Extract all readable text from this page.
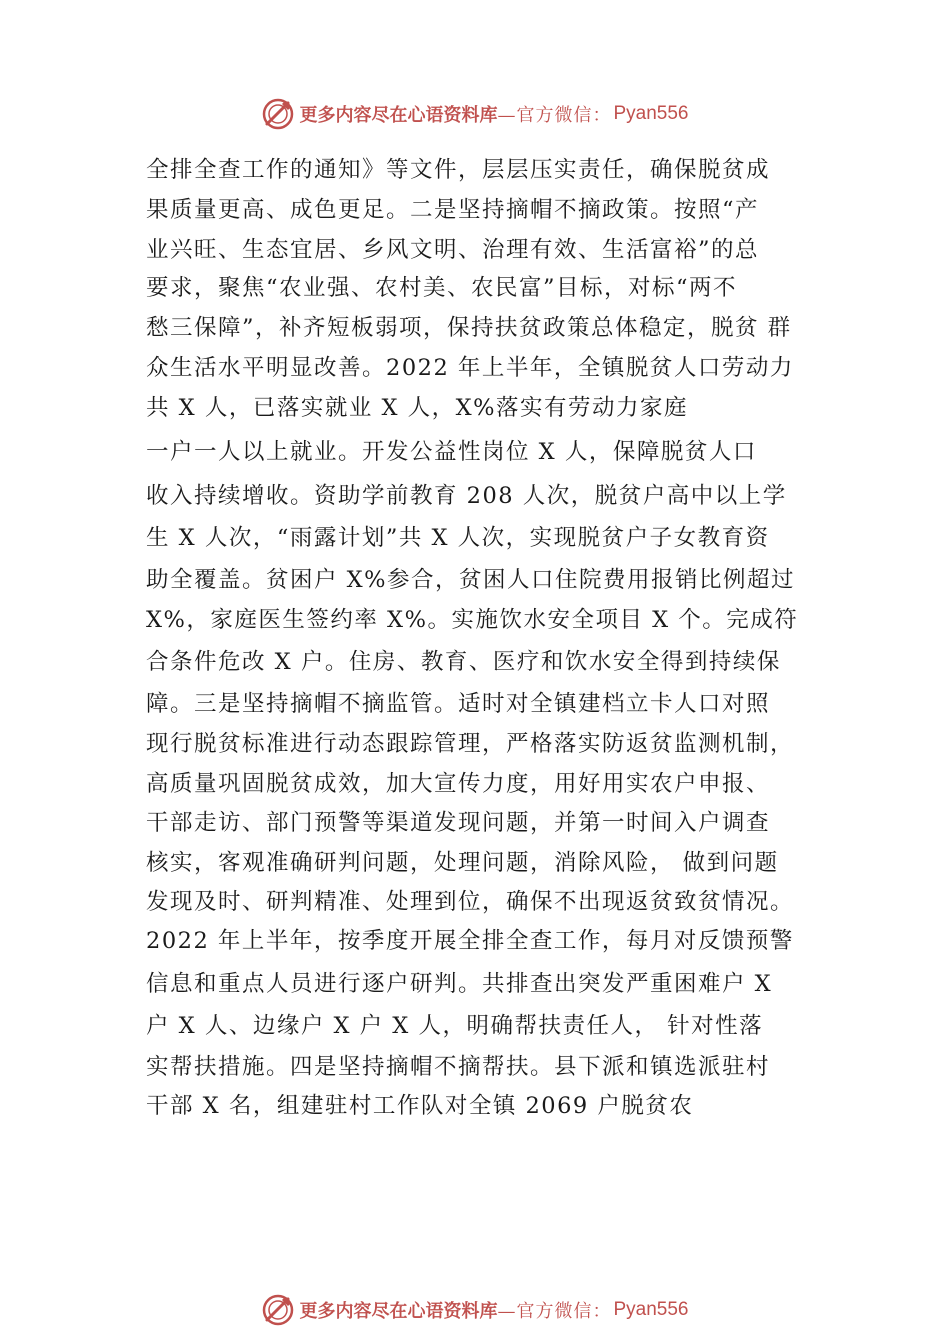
更多内容尽在心语资料库 —官方微信： Pyan556
全排全查工作的通知》等文件，层层压实责任，确保脱贫成
果质量更高、成色更足。二是坚持摘帽不摘政策。按照“产
业兴旺、生态宜居、乡风文明、治理有效、生活富裕”的总
要求，聚焦“农业强、农村美、农民富”目标，对标“两不
愁三保障”，补齐短板弱项，保持扶贫政策总体稳定，脱贫 群
众生活水平明显改善。2022 年上半年，全镇脱贫人口劳动力
共 X 人，已落实就业 X 人，X%落实有劳动力家庭
一户一人以上就业。开发公益性岗位 X 人，保障脱贫人口
收入持续增收。资助学前教育 208 人次，脱贫户高中以上学
生 X 人次，“雨露计划”共 X 人次，实现脱贫户子女教育资
助全覆盖。贫困户 X%参合，贫困人口住院费用报销比例超过
X%，家庭医生签约率 X%。实施饮水安全项目 X 个。完成符
合条件危改 X 户。住房、教育、医疗和饮水安全得到持续保
障。三是坚持摘帽不摘监管。适时对全镇建档立卡人口对照
现行脱贫标准进行动态跟踪管理，严格落实防返贫监测机制，
高质量巩固脱贫成效，加大宣传力度，用好用实农户申报、
干部走访、部门预警等渠道发现问题，并第一时间入户调查
核实，客观准确研判问题，处理问题，消除风险， 做到问题
发现及时、研判精准、处理到位，确保不出现返贫致贫情况。
2022 年上半年，按季度开展全排全查工作，每月对反馈预警
信息和重点人员进行逐户研判。共排查出突发严重困难户 X
户 X 人、边缘户 X 户 X 人，明确帮扶责任人， 针对性落
实帮扶措施。四是坚持摘帽不摘帮扶。县下派和镇选派驻村
干部 X 名，组建驻村工作队对全镇 2069 户脱贫农
更多内容尽在心语资料库 —官方微信： Pyan556
